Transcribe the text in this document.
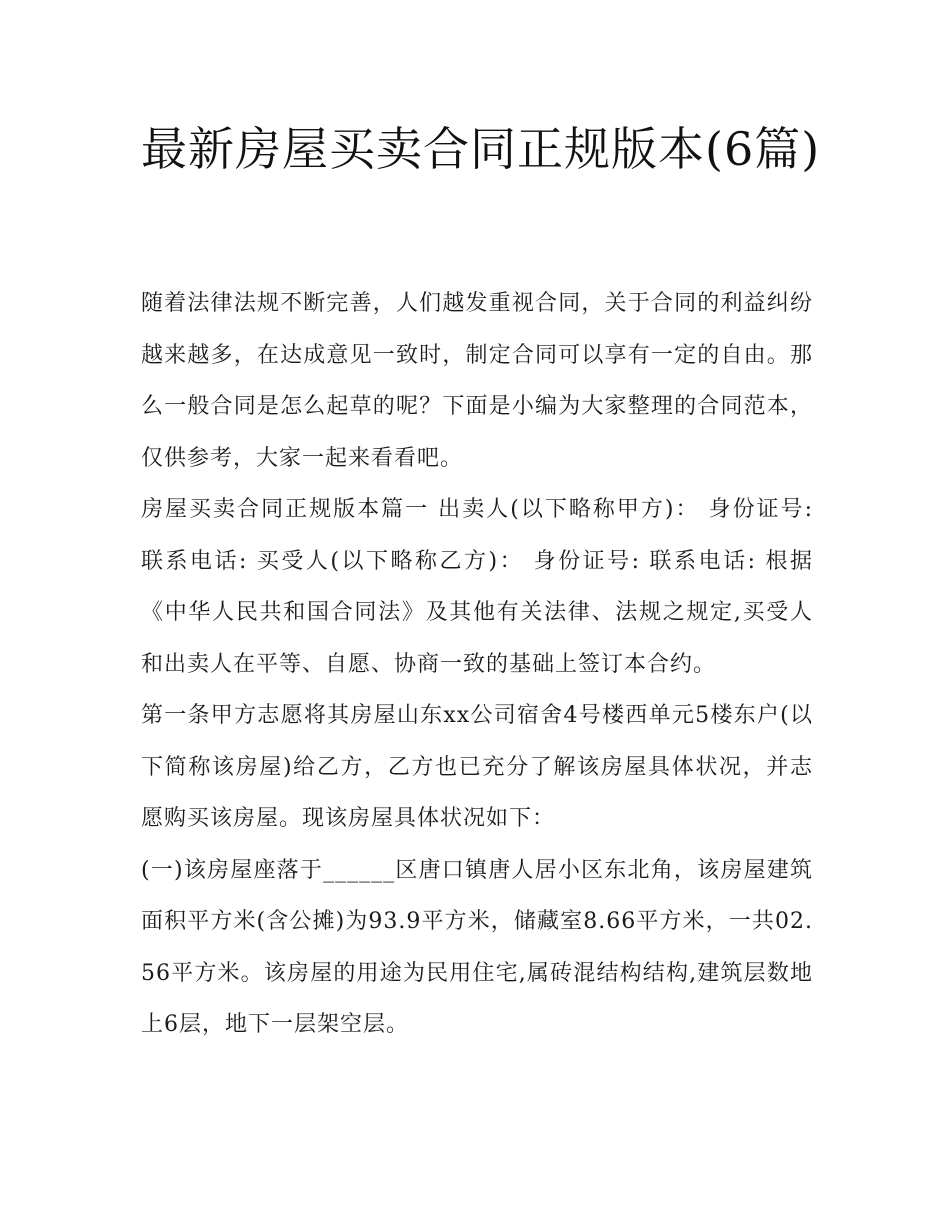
最新房屋买卖合同正规版本(6篇)

随着法律法规不断完善，人们越发重视合同，关于合同的利益纠纷越来越多，在达成意见一致时，制定合同可以享有一定的自由。那么一般合同是怎么起草的呢？下面是小编为大家整理的合同范本，仅供参考，大家一起来看看吧。

房屋买卖合同正规版本篇一 出卖人(以下略称甲方)： 身份证号: 联系电话: 买受人(以下略称乙方)： 身份证号: 联系电话: 根据《中华人民共和国合同法》及其他有关法律、法规之规定,买受人和出卖人在平等、自愿、协商一致的基础上签订本合约。

第一条甲方志愿将其房屋山东xx公司宿舍4号楼西单元5楼东户(以下简称该房屋)给乙方，乙方也已充分了解该房屋具体状况，并志愿购买该房屋。现该房屋具体状况如下：

(一)该房屋座落于______区唐口镇唐人居小区东北角，该房屋建筑面积平方米(含公摊)为93.9平方米，储藏室8.66平方米，一共02.56平方米。该房屋的用途为民用住宅,属砖混结构结构,建筑层数地上6层，地下一层架空层。
